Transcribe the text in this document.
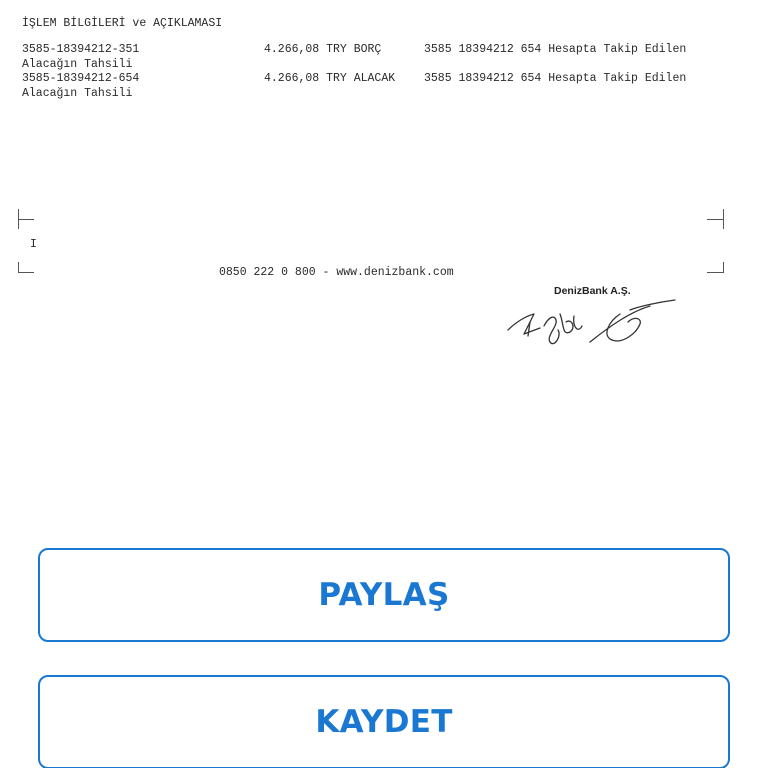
İŞLEM BİLGİLERİ ve AÇIKLAMASI
3585-18394212-351	4.266,08 TRY BORÇ	3585 18394212 654 Hesapta Takip Edilen
Alacağın Tahsili
3585-18394212-654	4.266,08 TRY ALACAK	3585 18394212 654 Hesapta Takip Edilen
Alacağın Tahsili
I
0850 222 0 800 - www.denizbank.com
DenizBank A.Ş.
PAYLAŞ
KAYDET
